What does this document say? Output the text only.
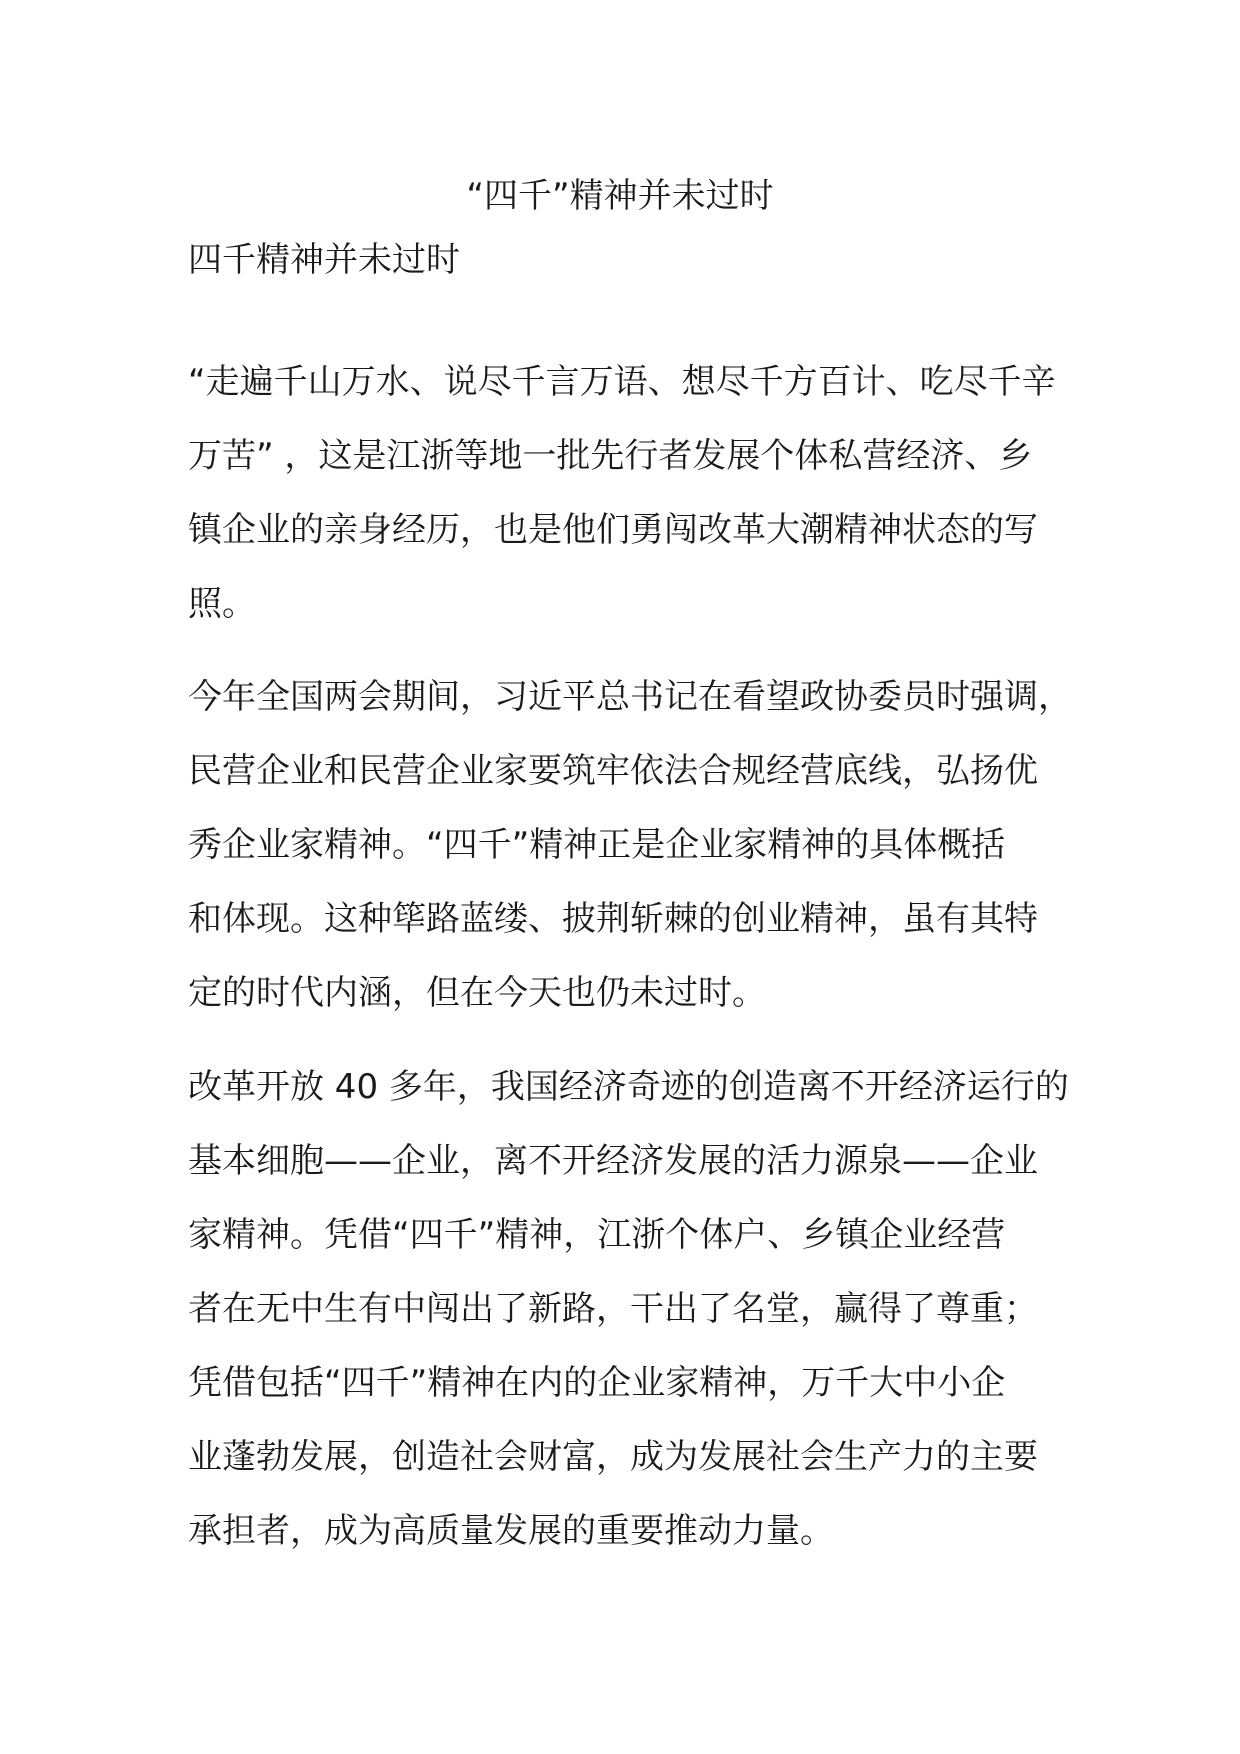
“四千”精神并未过时
四千精神并未过时
“走遍千山万水、说尽千言万语、想尽千方百计、吃尽千辛
万苦” ，这是江浙等地一批先行者发展个体私营经济、乡
镇企业的亲身经历，也是他们勇闯改革大潮精神状态的写
照。
今年全国两会期间，习近平总书记在看望政协委员时强调，
民营企业和民营企业家要筑牢依法合规经营底线，弘扬优
秀企业家精神。“四千”精神正是企业家精神的具体概括
和体现。这种筚路蓝缕、披荆斩棘的创业精神，虽有其特
定的时代内涵，但在今天也仍未过时。
改革开放 40 多年，我国经济奇迹的创造离不开经济运行的
基本细胞——企业，离不开经济发展的活力源泉——企业
家精神。凭借“四千”精神，江浙个体户、乡镇企业经营
者在无中生有中闯出了新路，干出了名堂，赢得了尊重；
凭借包括“四千”精神在内的企业家精神，万千大中小企
业蓬勃发展，创造社会财富，成为发展社会生产力的主要
承担者，成为高质量发展的重要推动力量。
